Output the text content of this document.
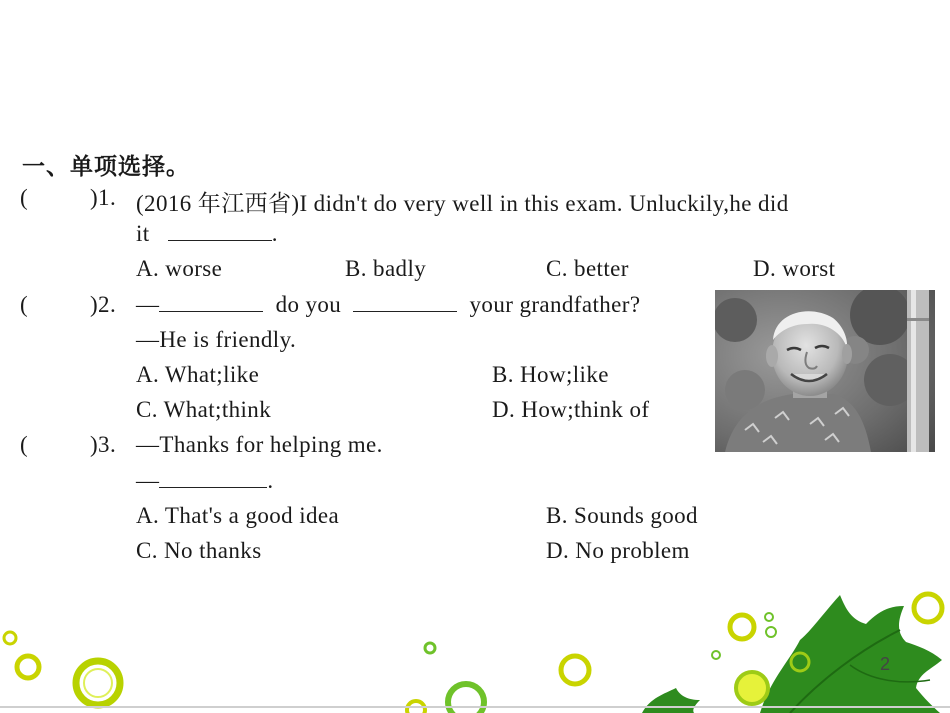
一、单项选择。
(	)1. (2016 年江西省)I didn't do very well in this exam. Unluckily,he did
it	.
A. worse	B. badly	C. better	D. worst
(	)2. —	do you	your grandfather?
—He is friendly.
A. What;like	B. How;like
C. What;think	D. How;think of
(	)3. —Thanks for helping me.
—	.
A. That's a good idea	B. Sounds good
C. No thanks	D. No problem
2
